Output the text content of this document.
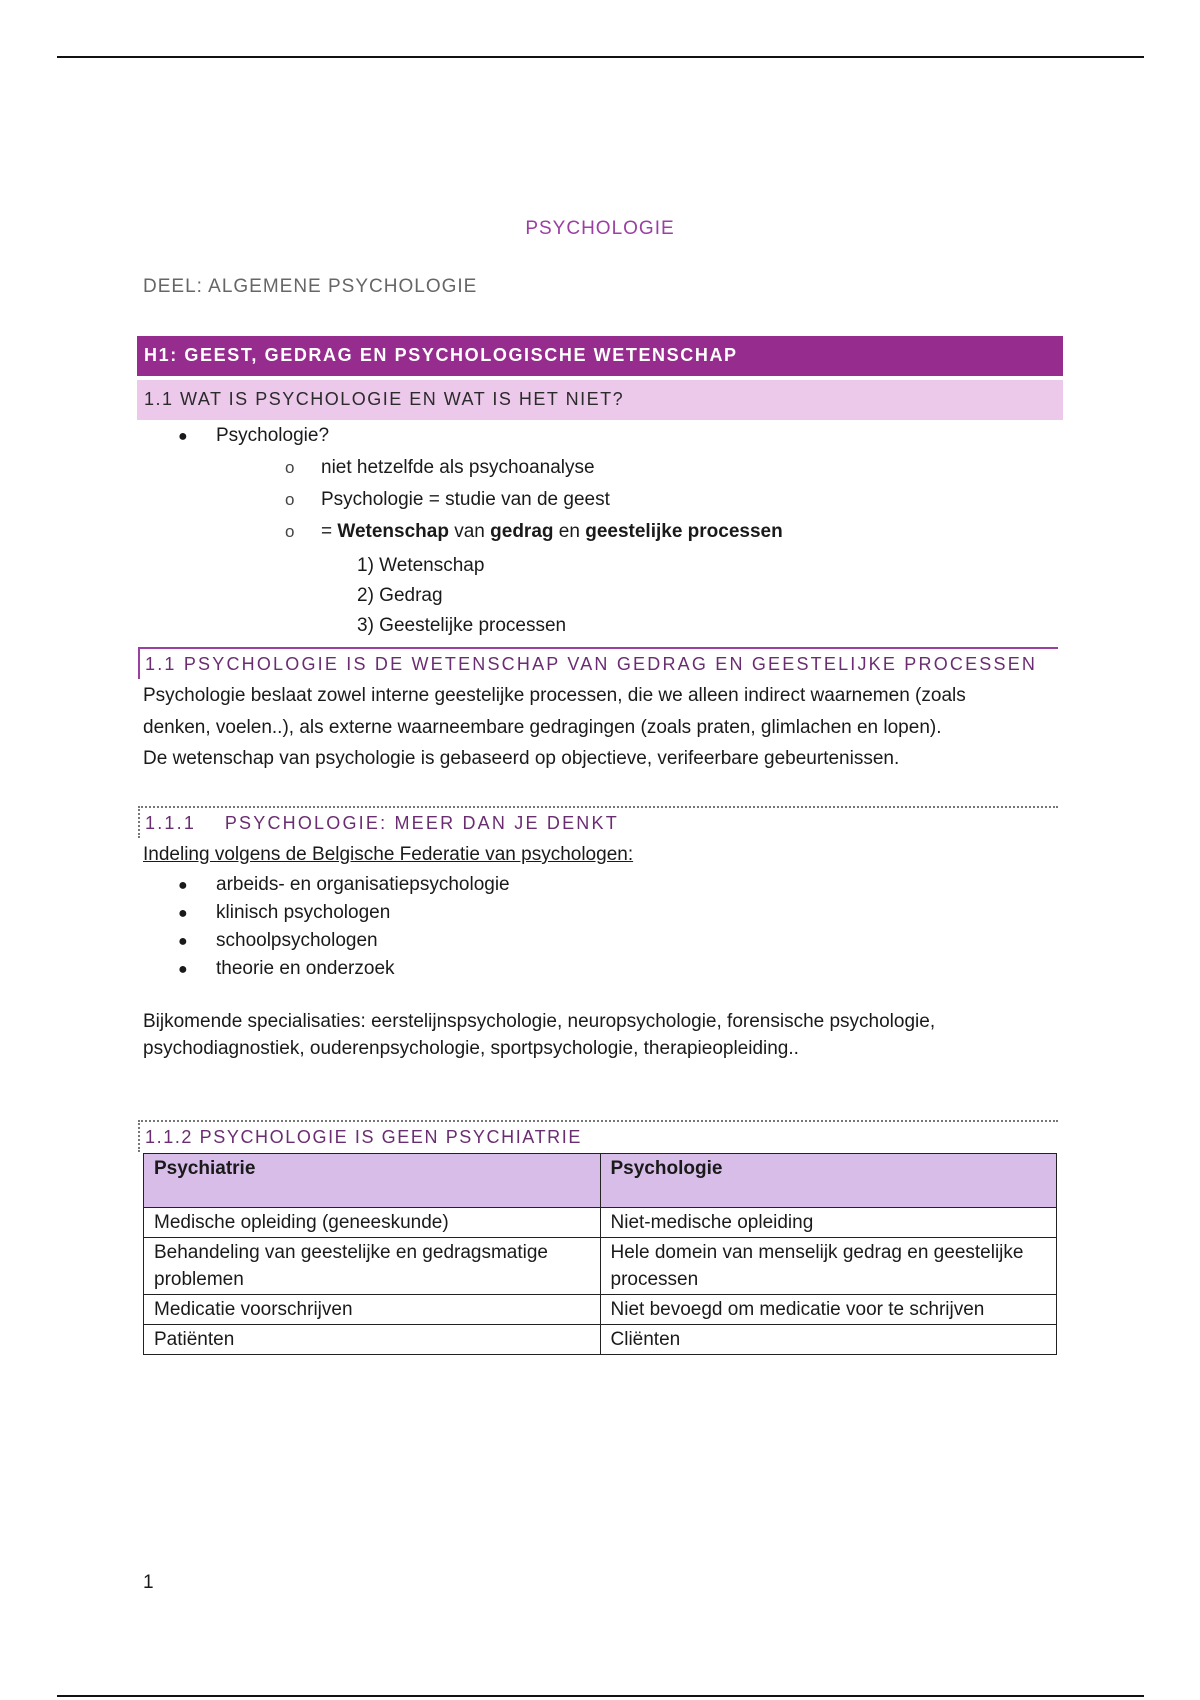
PSYCHOLOGIE
DEEL: ALGEMENE PSYCHOLOGIE
H1: GEEST, GEDRAG EN PSYCHOLOGISCHE WETENSCHAP
1.1 WAT IS PSYCHOLOGIE EN WAT IS HET NIET?
● Psychologie?
o niet hetzelfde als psychoanalyse
o Psychologie = studie van de geest
o = Wetenschap van gedrag en geestelijke processen
1) Wetenschap
2) Gedrag
3) Geestelijke processen
1.1 PSYCHOLOGIE IS DE WETENSCHAP VAN GEDRAG EN GEESTELIJKE PROCESSEN
Psychologie beslaat zowel interne geestelijke processen, die we alleen indirect waarnemen (zoals
denken, voelen..), als externe waarneembare gedragingen (zoals praten, glimlachen en lopen).
De wetenschap van psychologie is gebaseerd op objectieve, verifeerbare gebeurtenissen.
1.1.1    PSYCHOLOGIE: MEER DAN JE DENKT
Indeling volgens de Belgische Federatie van psychologen:
● arbeids- en organisatiepsychologie
● klinisch psychologen
● schoolpsychologen
● theorie en onderzoek
Bijkomende specialisaties: eerstelijnspsychologie, neuropsychologie, forensische psychologie,
psychodiagnostiek, ouderenpsychologie, sportpsychologie, therapieopleiding..
1.1.2 PSYCHOLOGIE IS GEEN PSYCHIATRIE
Psychiatrie	Psychologie
Medische opleiding (geneeskunde)	Niet-medische opleiding
Behandeling van geestelijke en gedragsmatige problemen	Hele domein van menselijk gedrag en geestelijke processen
Medicatie voorschrijven	Niet bevoegd om medicatie voor te schrijven
Patiënten	Cliënten
1
